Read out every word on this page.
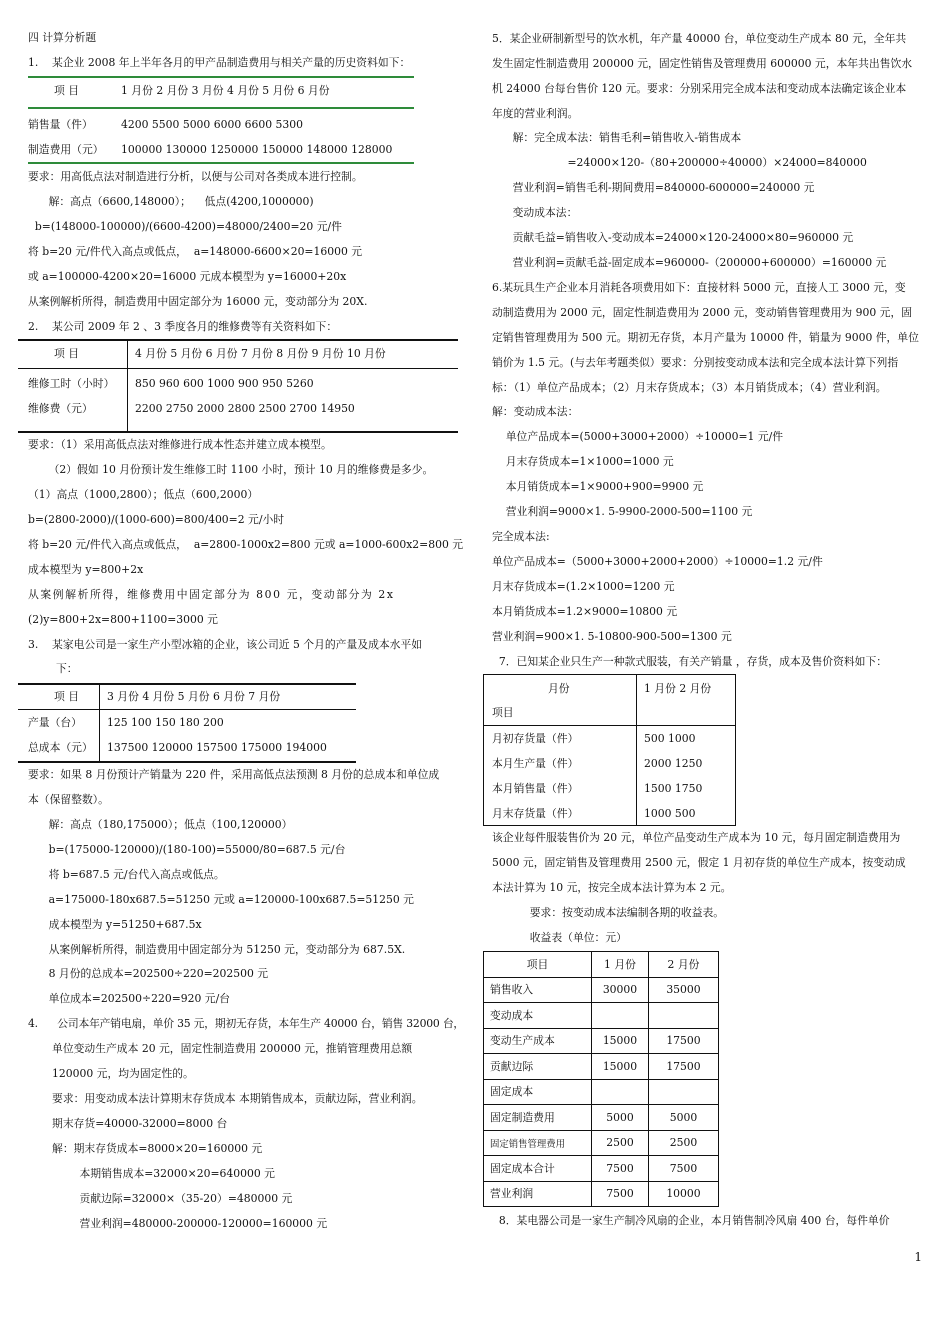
四 计算分析题
1.    某企业 2008 年上半年各月的甲产品制造费用与相关产量的历史资料如下：
项 目	1 月份 2 月份 3 月份 4 月份 5 月份 6 月份
销售量（件）	4200 5500 5000 6000 6600 5300
制造费用（元） 100000 130000 1250000 150000 148000 128000
要求：用高低点法对制造进行分析，以便与公司对各类成本进行控制。
解：高点（6600,148000）；    低点(4200,1000000)
b=(148000-100000)/(6600-4200)=48000/2400=20 元/件
将 b=20 元/件代入高点或低点，  a=148000-6600×20=16000 元
或 a=100000-4200×20=16000 元成本模型为 y=16000+20x
从案例解析所得，制造费用中固定部分为 16000 元，变动部分为 20X.
2.    某公司 2009 年 2 、3 季度各月的维修费等有关资料如下：
项 目	4 月份 5 月份 6 月份 7 月份 8 月份 9 月份 10 月份
维修工时（小时） 850 960 600 1000 900 950 5260
维修费（元）	2200 2750 2000 2800 2500 2700 14950
要求：（1）采用高低点法对维修进行成本性态并建立成本模型。
（2）假如 10 月份预计发生维修工时 1100 小时，预计 10 月的维修费是多少。
（1）高点（1000,2800）；低点（600,2000）
b=(2800-2000)/(1000-600)=800/400=2 元/小时
将 b=20 元/件代入高点或低点，  a=2800-1000x2=800 元或 a=1000-600x2=800 元
成本模型为 y=800+2x
从案例解析所得，维修费用中固定部分为 800 元，变动部分为 2x
(2)y=800+2x=800+1100=3000 元
3.    某家电公司是一家生产小型冰箱的企业，该公司近 5 个月的产量及成本水平如
下：
项 目	3 月份 4 月份 5 月份 6 月份 7 月份
产量（台） 125 100 150 180 200
总成本（元） 137500 120000 157500 175000 194000
要求：如果 8 月份预计产销量为 220 件，采用高低点法预测 8 月份的总成本和单位成
本（保留整数）。
解：高点（180,175000）；低点（100,120000）
b=(175000-120000)/(180-100)=55000/80=687.5 元/台
将 b=687.5 元/台代入高点或低点。
a=175000-180x687.5=51250 元或 a=120000-100x687.5=51250 元
成本模型为 y=51250+687.5x
从案例解析所得，制造费用中固定部分为 51250 元，变动部分为 687.5X.
8 月份的总成本=202500÷220=202500 元
单位成本=202500÷220=920 元/台
4.      公司本年产销电扇，单价 35 元，期初无存货，本年生产 40000 台，销售 32000 台，
单位变动生产成本 20 元，固定性制造费用 200000 元，推销管理费用总额
120000 元，均为固定性的。
要求：用变动成本法计算期末存货成本 本期销售成本，贡献边际，营业利润。
期末存货=40000-32000=8000 台
解：期末存货成本=8000×20=160000 元
本期销售成本=32000×20=640000 元
贡献边际=32000×（35-20）=480000 元
营业利润=480000-200000-120000=160000 元
5．某企业研制新型号的饮水机，年产量 40000 台，单位变动生产成本 80 元，全年共
发生固定性制造费用 200000 元，固定性销售及管理费用 600000 元，本年共出售饮水
机 24000 台每台售价 120 元。要求：分别采用完全成本法和变动成本法确定该企业本
年度的营业利润。
解：完全成本法：销售毛利=销售收入-销售成本
=24000×120-（80+200000÷40000）×24000=840000
营业利润=销售毛利-期间费用=840000-600000=240000 元
变动成本法：
贡献毛益=销售收入-变动成本=24000×120-24000×80=960000 元
营业利润=贡献毛益-固定成本=960000-（200000+600000）=160000 元
6.某玩具生产企业本月消耗各项费用如下：直接材料 5000 元，直接人工 3000 元，变
动制造费用为 2000 元，固定性制造费用为 2000 元，变动销售管理费用为 900 元，固
定销售管理费用为 500 元。期初无存货，本月产量为 10000 件，销量为 9000 件，单位
销价为 1.5 元。(与去年考题类似）要求：分别按变动成本法和完全成本法计算下列指
标：（1）单位产品成本；（2）月末存货成本；（3）本月销货成本；（4）营业利润。
解：变动成本法：
单位产品成本=(5000+3000+2000）÷10000=1 元/件
月末存货成本=1×1000=1000 元
本月销货成本=1×9000+900=9900 元
营业利润=9000×1. 5-9900-2000-500=1100 元
完全成本法:
单位产品成本=（5000+3000+2000+2000）÷10000=1.2 元/件
月末存货成本=(1.2×1000=1200 元
本月销货成本=1.2×9000=10800 元
营业利润=900×1. 5-10800-900-500=1300 元
7．已知某企业只生产一种款式服装，有关产销量 ，存货，成本及售价资料如下：
月份
项目
1 月份 2 月份
月初存货量（件）	500 1000
本月生产量（件）	2000 1250
本月销售量（件）	1500 1750
月末存货量（件）	1000 500
该企业每件服装售价为 20 元，单位产品变动生产成本为 10 元，每月固定制造费用为
5000 元，固定销售及管理费用 2500 元，假定 1 月初存货的单位生产成本，按变动成
本法计算为 10 元，按完全成本法计算为本 2 元。
要求：按变动成本法编制各期的收益表。
收益表（单位：元）
项目	1 月份	2 月份
销售收入	30000	35000
变动成本		
变动生产成本	15000	17500
贡献边际	15000	17500
固定成本		
固定制造费用	5000	5000
固定销售管理费用	2500	2500
固定成本合计	7500	7500
营业利润	7500	10000
8．某电器公司是一家生产制冷风扇的企业，本月销售制冷风扇 400 台，每件单价
1
